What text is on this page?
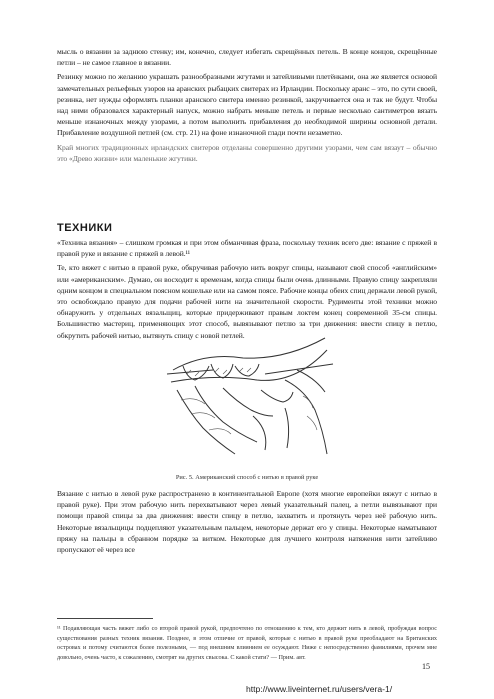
мысль о вязании за заднюю стенку; им, конечно, следует избегать скрещённых петель. В конце концов, скрещённые петли – не самое главное в вязании.

Резинку можно по желанию украшать разнообразными жгутами и затейливыми плетёнками, она же является основой замечательных рельефных узоров на аранских рыбацких свитерах из Ирландии. Поскольку аранс – это, по сути своей, резинка, нет нужды оформлять планки аранского свитера именно резинкой, закручивается она и так не будут. Чтобы над ними образовался характерный напуск, можно набрать меньше петель и первые несколько сантиметров вязать меньше изнаночных между узорами, а потом выполнить прибавления до необходимой ширины основной детали. Прибавление воздушной петлей (см. стр. 21) на фоне изнаночной глади почти незаметно.

Край многих традиционных ирландских свитеров отделаны совершенно другими узорами, чем сам вязаут – обычно это «Древо жизни» или маленькие жгутики.

ТЕХНИКИ

«Техника вязания» – слишком громкая и при этом обманчивая фраза, поскольку техник всего две: вязание с пряжей в правой руке и вязание с пряжей в левой.¹¹

Те, кто вяжет с нитью в правой руке, обкручивая рабочую нить вокруг спицы, называют свой способ «английским» или «американским». Думаю, он восходит к временам, когда спицы были очень длинными. Правую спицу закрепляли одним концом в специальном поясном кошельке или на самом поясе. Рабочие концы обеих спиц держали левой рукой, это освобождало правую для подачи рабочей нити на значительной скорости. Рудименты этой техники можно обнаружить у отдельных вязальщиц, которые придерживают правым локтем конец современной 35-см спицы. Большинство мастериц, применяющих этот способ, вывязывают петлю за три движения: ввести спицу в петлю, обкрутить рабочей нитью, вытянуть спицу с новой петлей.

Рис. 5. Американский способ с нитью в правой руке

Вязание с нитью в левой руке распространено в континентальной Европе (хотя многие европейки вяжут с нитью в правой руке). При этом рабочую нить перехватывают через левый указательный палец, а петли вывязывают при помощи правой спицы за два движения: ввести спицу в петлю, захватить и протянуть через неё рабочую нить. Некоторые вязальщицы подцепляют указательным пальцем, некоторые держат его у спицы. Некоторые наматывают пряжу на пальцы в сбранном порядке за витком. Некоторые для лучшего контроля натяжения нити затейливо пропускают её через все

¹¹ Подавляющая часть вяжет либо со второй правой рукой, предпочтено по отношению к тем, кто держит нить в левой, пробуждая вопрос существования разных техник вязания. Позднее, в этом отличие от правой, которые с нитью в правой руке преобладают на Британских островах и потому считаются более полезными, — под внешним влиянием ее осуждают. Ниже с непосредственно фамилиями, прочем мне довольно, очень часто, к сожалению, смотрят на других свысока. С какой стати? — Прим. авт.
15
http://www.liveinternet.ru/users/vera-1/
